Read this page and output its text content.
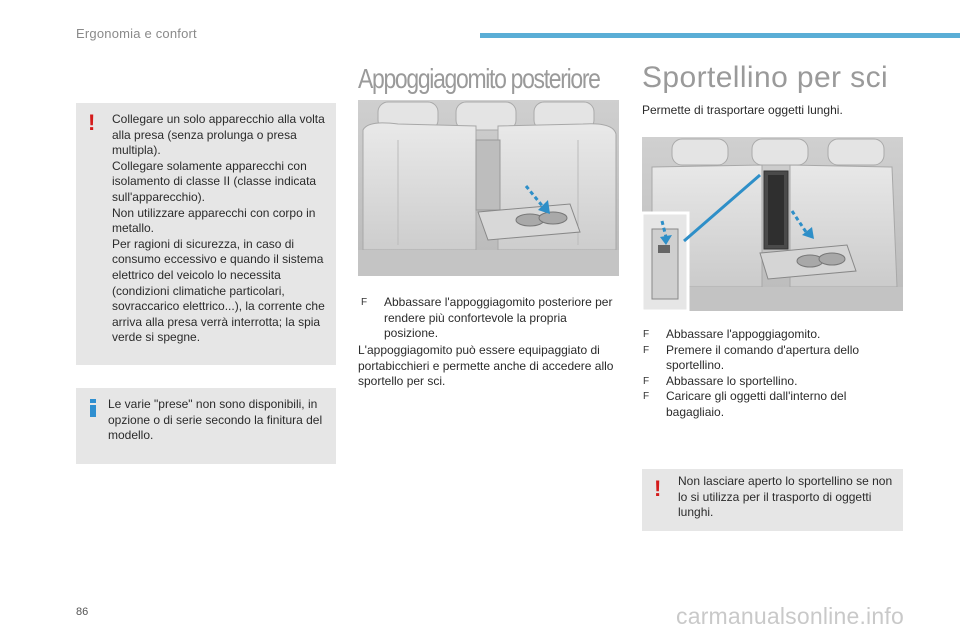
Ergonomia e confort
! Collegare un solo apparecchio alla volta alla presa (senza prolunga o presa multipla).

Collegare solamente apparecchi con isolamento di classe II (classe indicata sull'apparecchio).

Non utilizzare apparecchi con corpo in metallo.

Per ragioni di sicurezza, in caso di consumo eccessivo e quando il sistema elettrico del veicolo lo necessita (condizioni climatiche particolari, sovraccarico elettrico...), la corrente che arriva alla presa verrà interrotta; la spia verde si spegne.

Le varie "prese" non sono disponibili, in opzione o di serie secondo la finitura del modello.
Appoggiagomito posteriore

F Abbassare l'appoggiagomito posteriore per rendere più confortevole la propria posizione.

L'appoggiagomito può essere equipaggiato di portabicchieri e permette anche di accedere allo sportello per sci.
Sportellino per sci
Permette di trasportare oggetti lunghi.

F Abbassare l'appoggiagomito.

F Premere il comando d'apertura dello sportellino.

F Abbassare lo sportellino.

F Caricare gli oggetti dall'interno del bagagliaio.

! Non lasciare aperto lo sportellino se non lo si utilizza per il trasporto di oggetti lunghi.
86	carmanualsonline.info
